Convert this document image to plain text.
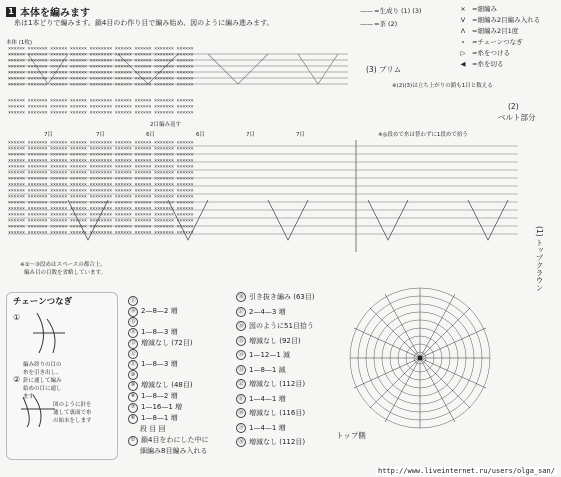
1 本体を編みます
糸は1本どりで編みます。鎖4目のわ作り目で編み始め、図のように編み進みます。
—— =生成り (1) (3)
—— =茶 (2)
× =細編み
V	=細編み2目編み入れる
Λ	=細編み2目1度
∘	=チェーンつなぎ
▷	=糸をつける
◀	=糸を切る
※(2)(3)は立ち上がりの鎖も1目と数える
本体 (1枚)
×××××× ××××××× ×××××× ×××××× ×××××××× ×××××× ×××××× ××××××× ××××××
×××××× ××××××× ×××××× ×××××× ×××××××× ×××××× ×××××× ××××××× ××××××
×××××× ××××××× ×××××× ×××××× ×××××××× ×××××× ×××××× ××××××× ××××××
×××××× ××××××× ×××××× ×××××× ×××××××× ×××××× ×××××× ××××××× ××××××
×××××× ××××××× ×××××× ×××××× ×××××××× ×××××× ×××××× ××××××× ××××××
×××××× ××××××× ×××××× ×××××× ×××××××× ×××××× ×××××× ××××××× ××××××
×××××× ××××××× ×××××× ×××××× ×××××××× ×××××× ×××××× ××××××× ××××××
(3) ブリム
×××××× ××××××× ×××××× ×××××× ×××××××× ×××××× ×××××× ××××××× ××××××
×××××× ××××××× ×××××× ×××××× ×××××××× ×××××× ×××××× ××××××× ××××××
×××××× ××××××× ×××××× ×××××× ×××××××× ×××××× ×××××× ××××××× ××××××
(2)
ベルト部分
2目編み返す
7目	7目	6目	6目	7目	7目	※◎段めで糸は替わずに1段めで拾う
×××××× ××××××× ×××××× ×××××× ×××××××× ×××××× ×××××× ××××××× ××××××
×××××× ××××××× ×××××× ×××××× ×××××××× ×××××× ×××××× ××××××× ××××××
×××××× ××××××× ×××××× ×××××× ×××××××× ×××××× ×××××× ××××××× ××××××
×××××× ××××××× ×××××× ×××××× ×××××××× ×××××× ×××××× ××××××× ××××××
×××××× ××××××× ×××××× ×××××× ×××××××× ×××××× ×××××× ××××××× ××××××
×××××× ××××××× ×××××× ×××××× ×××××××× ×××××× ×××××× ××××××× ××××××
×××××× ××××××× ×××××× ×××××× ×××××××× ×××××× ×××××× ××××××× ××××××
×××××× ××××××× ×××××× ×××××× ×××××××× ×××××× ×××××× ××××××× ××××××
×××××× ××××××× ×××××× ×××××× ×××××××× ×××××× ×××××× ××××××× ××××××
×××××× ××××××× ×××××× ×××××× ×××××××× ×××××× ×××××× ××××××× ××××××
×××××× ××××××× ×××××× ×××××× ×××××××× ×××××× ×××××× ××××××× ××××××
×××××× ××××××× ×××××× ×××××× ×××××××× ×××××× ×××××× ××××××× ××××××
×××××× ××××××× ×××××× ×××××× ×××××××× ×××××× ×××××× ××××××× ××××××
×××××× ××××××× ×××××× ×××××× ×××××××× ×××××× ×××××× ××××××× ××××××
×××××× ××××××× ×××××× ×××××× ×××××××× ×××××× ×××××× ××××××× ××××××
×××××× ××××××× ×××××× ×××××× ×××××××× ×××××× ×××××× ××××××× ××××××	(1) トップクラウン
※①〜③段めはスペースの都合上、
編み目の目数を省略しています。
チェーンつなぎ
①
編み終りの目の
糸を引き出し、
針に通して編み
始めの目に通し
ます
②
図のように針を
通して裏面で糸
の始末をします
⑰
⑯ 2—8—2 増
⑮
⑭ 1—8—3 増
⑬ 増減なし (72目)
⑫
⑪ 1—8—3 増
⑩
⑨ 増減なし (48目)
⑧ 1—8—2 増
⑦ 1—16—1 増
⑥ 1—8—1 増
段 目 回
① 鎖4目をわにした中に
細編み8目編み入れる
㊳ 引き抜き編み (63目)
㊲ 2—4—3 増
㊱ 図のように51目拾う
㉟ 増減なし (92目)
㉞ 1—12—1 減
㉝ 1—8—1 減
㉜ 増減なし (112目)
㉛ 1—4—1 増
㉚ 増減なし (116目)
㉙ 1—4—1 増
㉘ 増減なし (112目)
トップ側
http://www.liveinternet.ru/users/olga_san/
